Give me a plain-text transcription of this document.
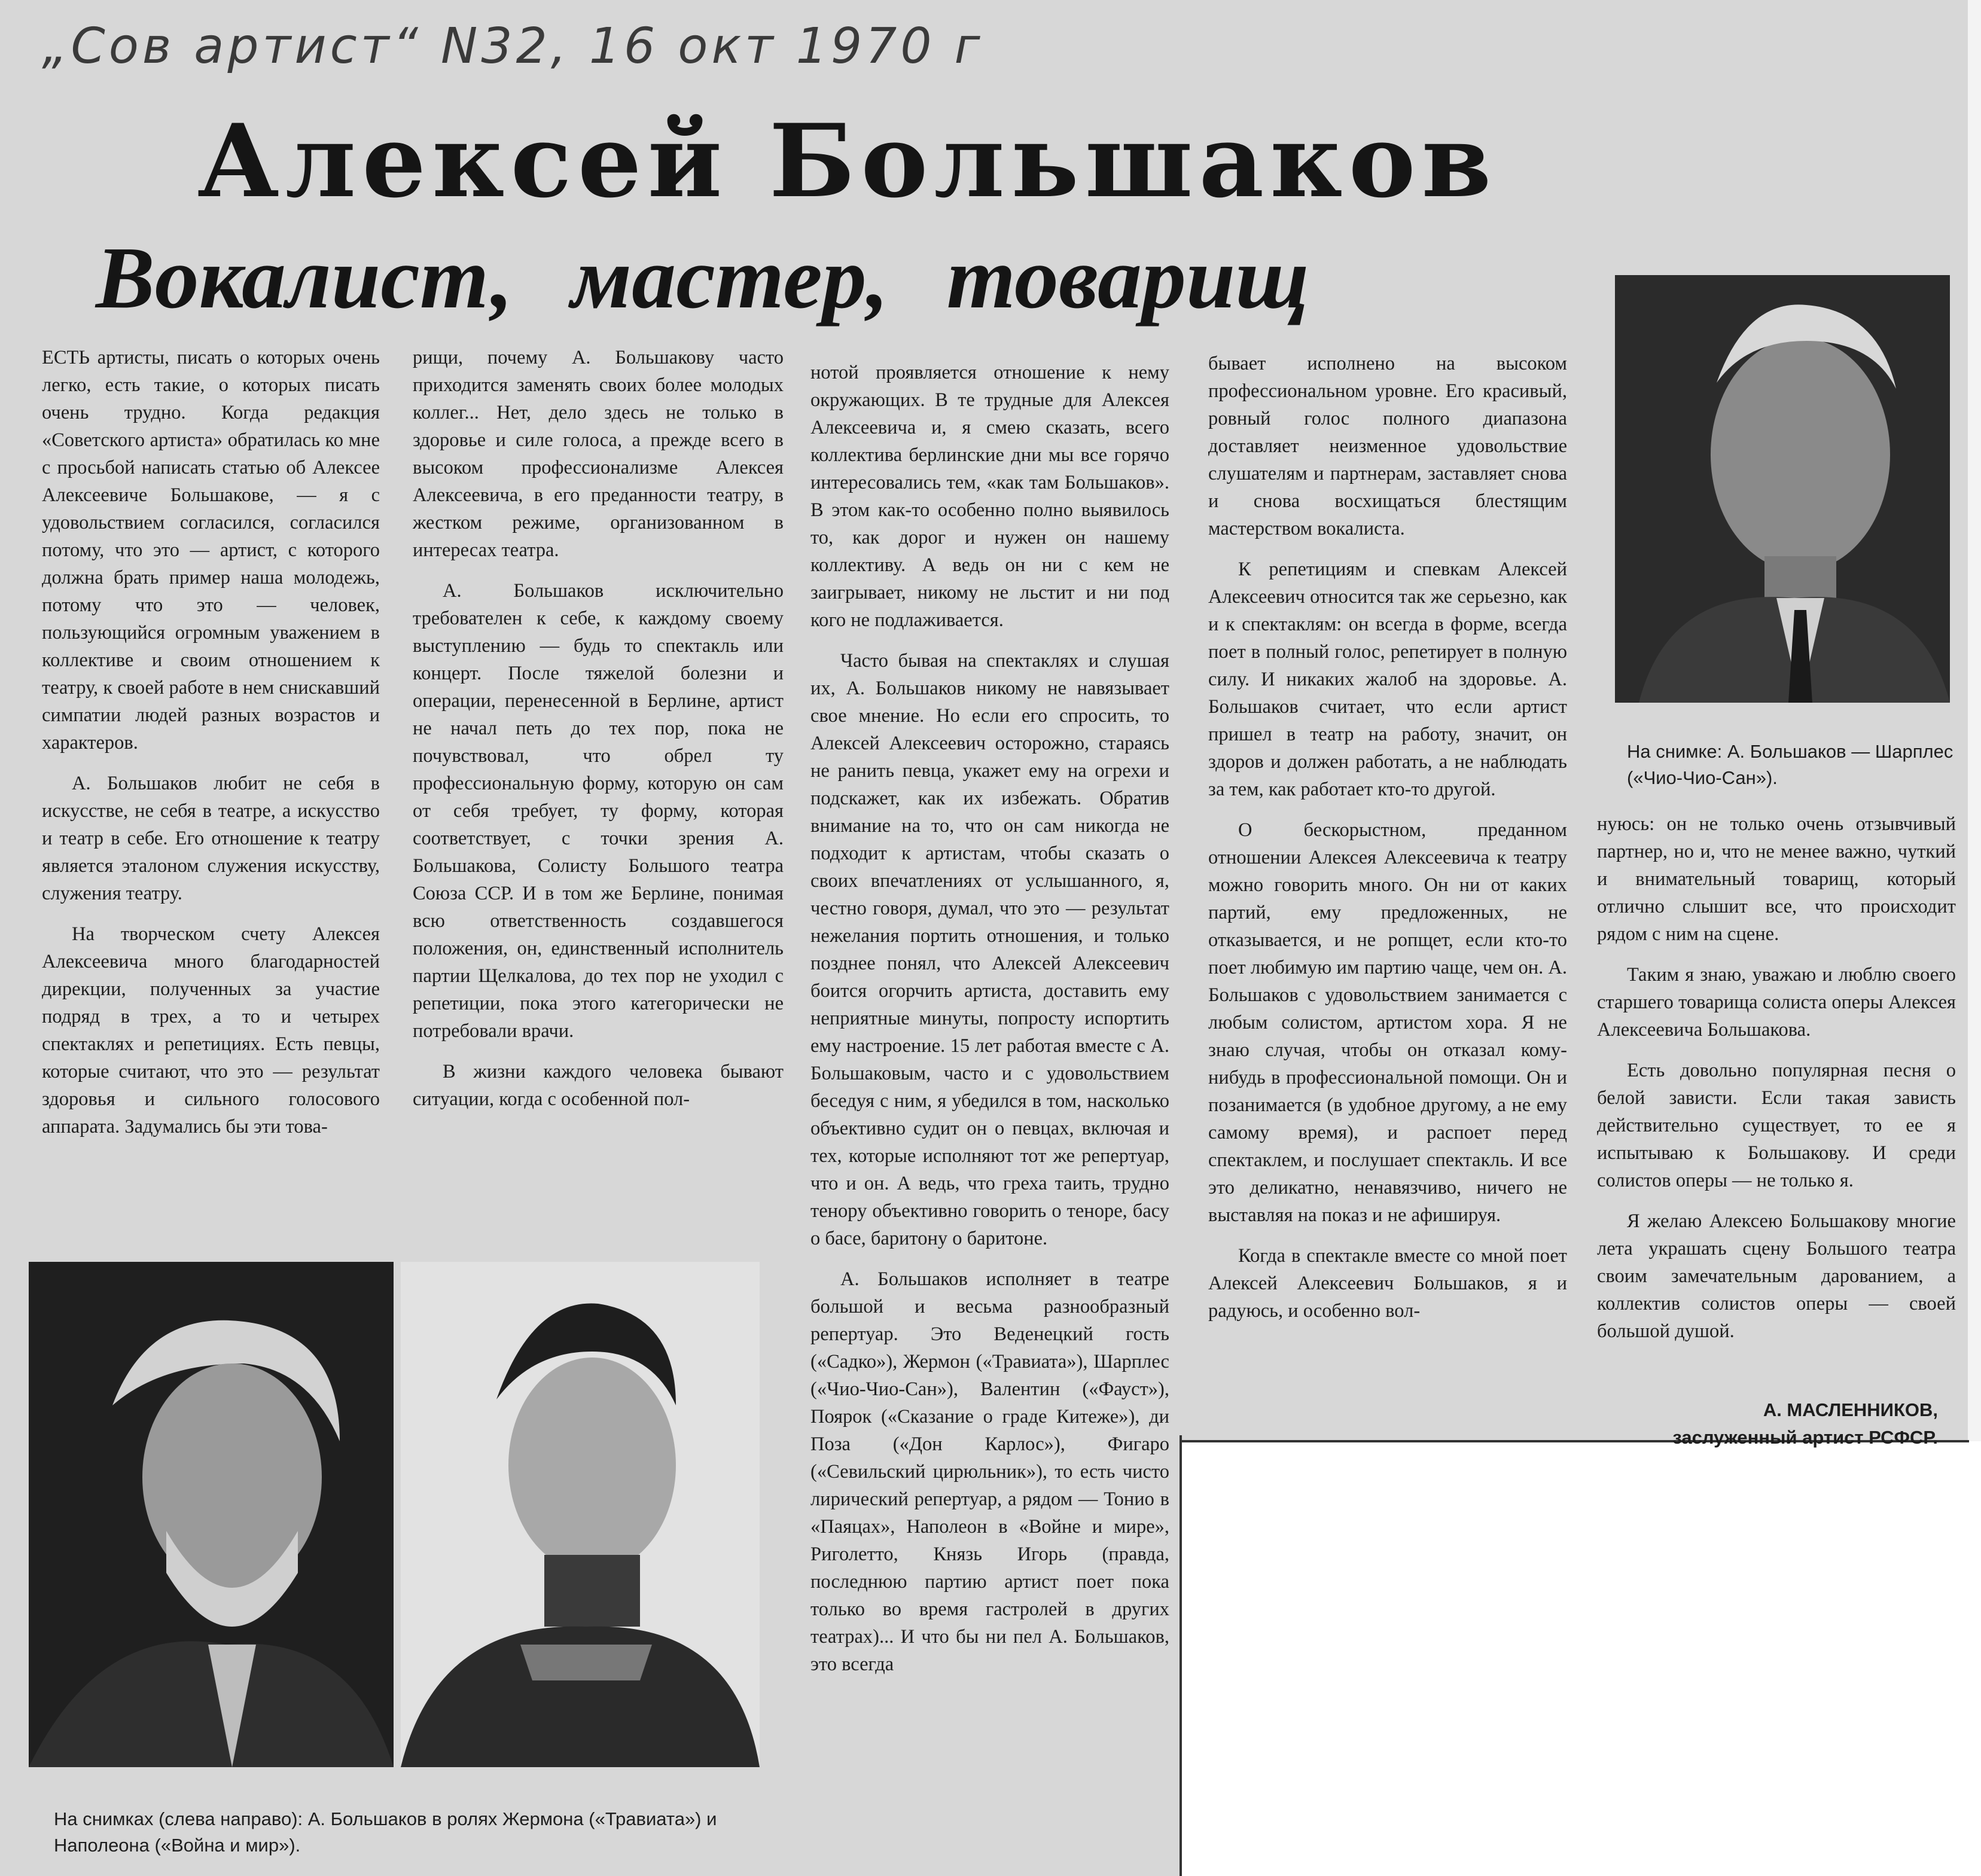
„Сов артист“ N32, 16 окт 1970 г
Алексей Большаков
Вокалист, мастер, товарищ

ЕСТЬ артисты, писать о которых очень легко, есть такие, о которых писать очень трудно. Когда редакция «Советского артиста» обратилась ко мне с просьбой написать статью об Алексее Алексеевиче Большакове, — я с удовольствием согласился, согласился потому, что это — артист, с которого должна брать пример наша молодежь, потому что это — человек, пользующийся огромным уважением в коллективе и своим отношением к театру, к своей работе в нем снискавший симпатии людей разных возрастов и характеров.

А. Большаков любит не себя в искусстве, не себя в театре, а искусство и театр в себе. Его отношение к театру является эталоном служения искусству, служения театру.

На творческом счету Алексея Алексеевича много благодарностей дирекции, полученных за участие подряд в трех, а то и четырех спектаклях и репетициях. Есть певцы, которые считают, что это — результат здоровья и сильного голосового аппарата. Задумались бы эти това-

рищи, почему А. Большакову часто приходится заменять своих более молодых коллег... Нет, дело здесь не только в здоровье и силе голоса, а прежде всего в высоком профессионализме Алексея Алексеевича, в его преданности театру, в жестком режиме, организованном в интересах театра.

А. Большаков исключительно требователен к себе, к каждому своему выступлению — будь то спектакль или концерт. После тяжелой болезни и операции, перенесенной в Берлине, артист не начал петь до тех пор, пока не почувствовал, что обрел ту профессиональную форму, которую он сам от себя требует, ту форму, которая соответствует, с точки зрения А. Большакова, Солисту Большого театра Союза ССР. И в том же Берлине, понимая всю ответственность создавшегося положения, он, единственный исполнитель партии Щелкалова, до тех пор не уходил с репетиции, пока этого категорически не потребовали врачи.

В жизни каждого человека бывают ситуации, когда с особенной пол-

нотой проявляется отношение к нему окружающих. В те трудные для Алексея Алексеевича и, я смею сказать, всего коллектива берлинские дни мы все горячо интересовались тем, «как там Большаков». В этом как-то особенно полно выявилось то, как дорог и нужен он нашему коллективу. А ведь он ни с кем не заигрывает, никому не льстит и ни под кого не подлаживается.

Часто бывая на спектаклях и слушая их, А. Большаков никому не навязывает свое мнение. Но если его спросить, то Алексей Алексеевич осторожно, стараясь не ранить певца, укажет ему на огрехи и подскажет, как их избежать. Обратив внимание на то, что он сам никогда не подходит к артистам, чтобы сказать о своих впечатлениях от услышанного, я, честно говоря, думал, что это — результат нежелания портить отношения, и только позднее понял, что Алексей Алексеевич боится огорчить артиста, доставить ему неприятные минуты, попросту испортить ему настроение. 15 лет работая вместе с А. Большаковым, часто и с удовольствием беседуя с ним, я убедился в том, насколько объективно судит он о певцах, включая и тех, которые исполняют тот же репертуар, что и он. А ведь, что греха таить, трудно тенору объективно говорить о теноре, басу о басе, баритону о баритоне.

А. Большаков исполняет в театре большой и весьма разнообразный репертуар. Это Веденецкий гость («Садко»), Жермон («Травиата»), Шарплес («Чио-Чио-Сан»), Валентин («Фауст»), Поярок («Сказание о граде Китеже»), ди Поза («Дон Карлос»), Фигаро («Севильский цирюльник»), то есть чисто лирический репертуар, а рядом — Тонио в «Паяцах», Наполеон в «Войне и мире», Риголетто, Князь Игорь (правда, последнюю партию артист поет пока только во время гастролей в других театрах)... И что бы ни пел А. Большаков, это всегда

бывает исполнено на высоком профессиональном уровне. Его красивый, ровный голос полного диапазона доставляет неизменное удовольствие слушателям и партнерам, заставляет снова и снова восхищаться блестящим мастерством вокалиста.

К репетициям и спевкам Алексей Алексеевич относится так же серьезно, как и к спектаклям: он всегда в форме, всегда поет в полный голос, репетирует в полную силу. И никаких жалоб на здоровье. А. Большаков считает, что если артист пришел в театр на работу, значит, он здоров и должен работать, а не наблюдать за тем, как работает кто-то другой.

О бескорыстном, преданном отношении Алексея Алексеевича к театру можно говорить много. Он ни от каких партий, ему предложенных, не отказывается, и не ропщет, если кто-то поет любимую им партию чаще, чем он. А. Большаков с удовольствием занимается с любым солистом, артистом хора. Я не знаю случая, чтобы он отказал кому-нибудь в профессиональной помощи. Он и позанимается (в удобное другому, а не ему самому время), и распоет перед спектаклем, и послушает спектакль. И все это деликатно, ненавязчиво, ничего не выставляя на показ и не афишируя.

Когда в спектакле вместе со мной поет Алексей Алексеевич Большаков, я и радуюсь, и особенно вол-

нуюсь: он не только очень отзывчивый партнер, но и, что не менее важно, чуткий и внимательный товарищ, который отлично слышит все, что происходит рядом с ним на сцене.

Таким я знаю, уважаю и люблю своего старшего товарища солиста оперы Алексея Алексеевича Большакова.

Есть довольно популярная песня о белой зависти. Если такая зависть действительно существует, то ее я испытываю к Большакову. И среди солистов оперы — не только я.

Я желаю Алексею Большакову многие лета украшать сцену Большого театра своим замечательным дарованием, а коллектив солистов оперы — своей большой душой.

На снимке: А. Большаков — Шарплес («Чио-Чио-Сан»).
На снимках (слева направо): А. Большаков в ролях Жермона («Травиата») и Наполеона («Война и мир»).
А. МАСЛЕННИКОВ,
заслуженный артист РСФСР.
